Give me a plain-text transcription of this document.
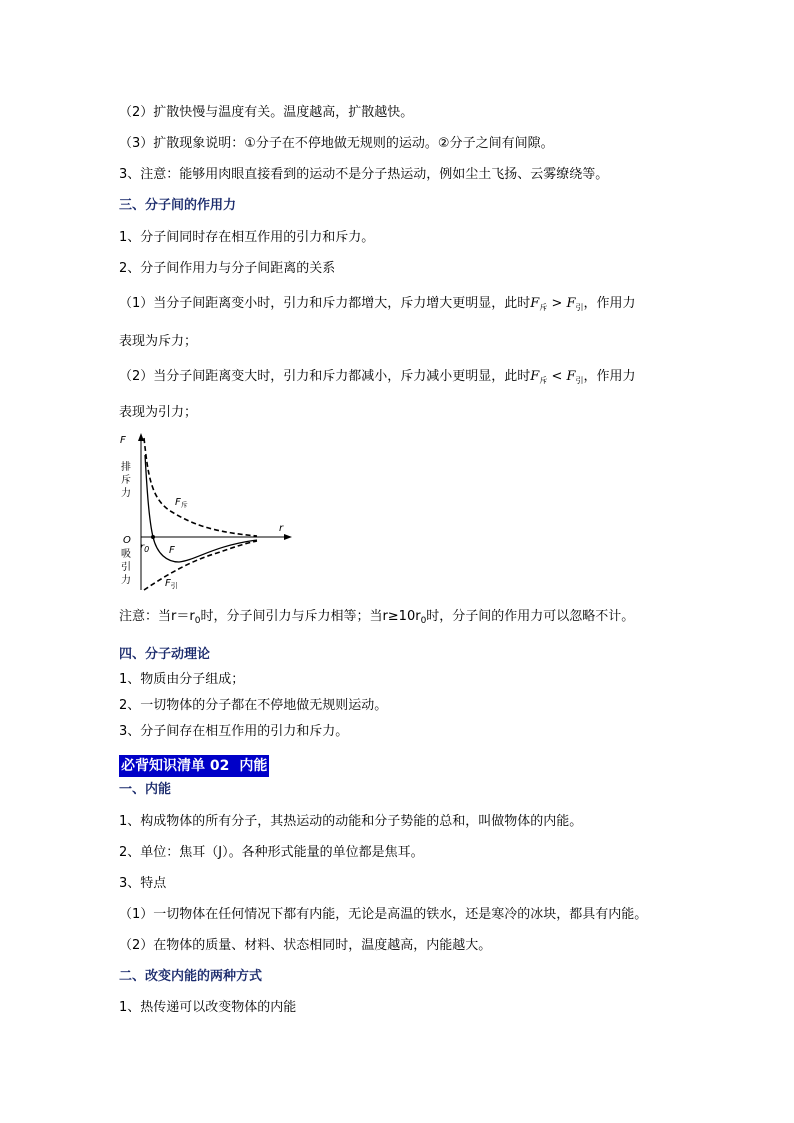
（2）扩散快慢与温度有关。温度越高，扩散越快。
（3）扩散现象说明：①分子在不停地做无规则的运动。②分子之间有间隙。
3、注意：能够用肉眼直接看到的运动不是分子热运动，例如尘土飞扬、云雾缭绕等。
三、分子间的作用力
1、分子间同时存在相互作用的引力和斥力。
2、分子间作用力与分子间距离的关系
（1）当分子间距离变小时，引力和斥力都增大，斥力增大更明显，此时$F_斥 > F_引$，作用力
表现为斥力；
（2）当分子间距离变大时，引力和斥力都减小，斥力减小更明显，此时$F_斥 < F_引$，作用力
表现为引力；
F
r
O
$r_0$ F
排
斥
力
吸
引
力
$F_斥$
$F_引$
注意：当$r=r_0$时，分子间引力与斥力相等；当$r\ge 10r_0$时，分子间的作用力可以忽略不计。
四、分子动理论
1、物质由分子组成；
2、一切物体的分子都在不停地做无规则运动。
3、分子间存在相互作用的引力和斥力。
必背知识清单 02 内能
一、内能
1、构成物体的所有分子，其热运动的动能和分子势能的总和，叫做物体的内能。
2、单位：焦耳（J）。各种形式能量的单位都是焦耳。
3、特点
（1）一切物体在任何情况下都有内能，无论是高温的铁水，还是寒冷的冰块，都具有内能。
（2）在物体的质量、材料、状态相同时，温度越高，内能越大。
二、改变内能的两种方式
1、热传递可以改变物体的内能
